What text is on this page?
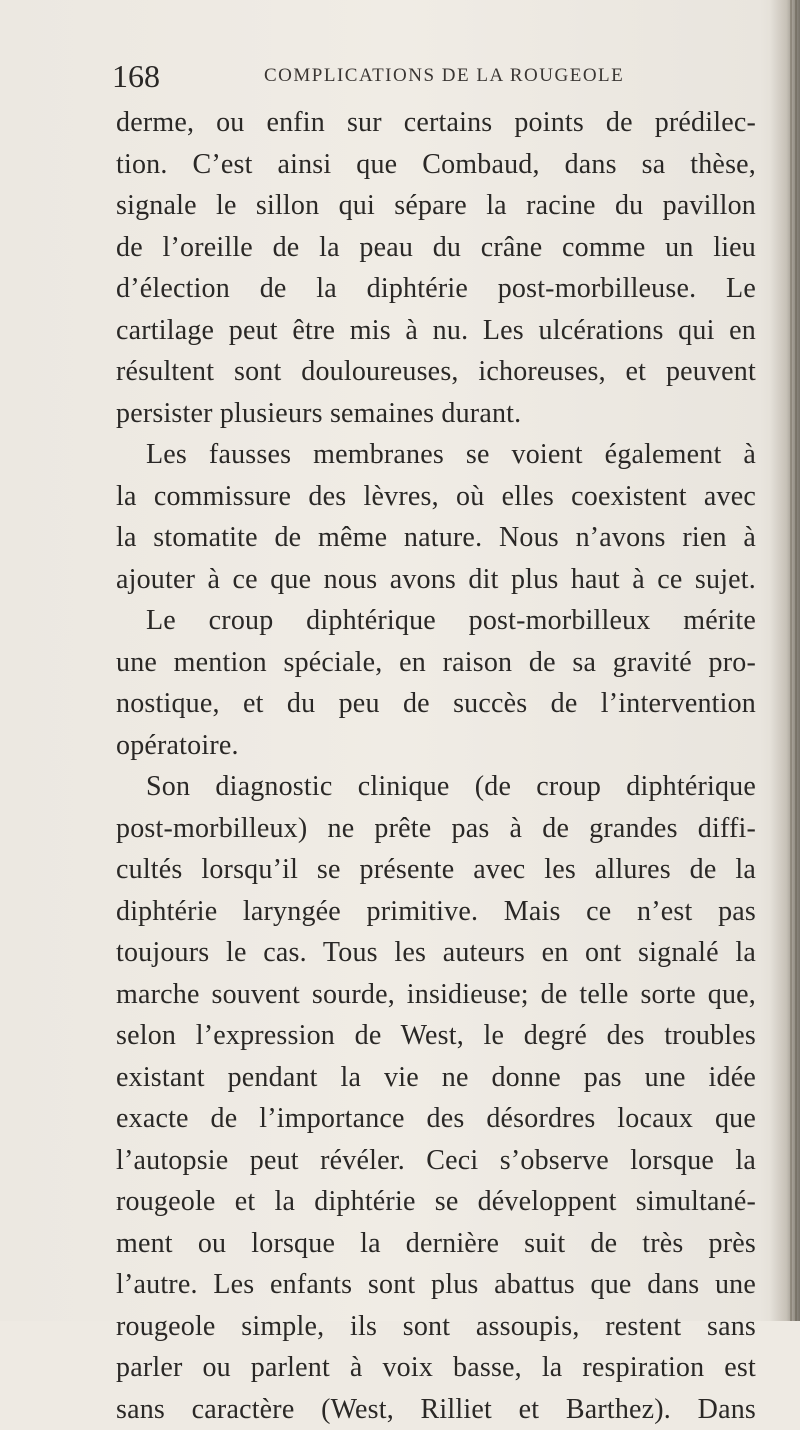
168	COMPLICATIONS DE LA ROUGEOLE
derme, ou enfin sur certains points de prédilec-
tion. C’est ainsi que Combaud, dans sa thèse,
signale le sillon qui sépare la racine du pavillon
de l’oreille de la peau du crâne comme un lieu
d’élection de la diphtérie post-morbilleuse. Le
cartilage peut être mis à nu. Les ulcérations qui en
résultent sont douloureuses, ichoreuses, et peuvent
persister plusieurs semaines durant.
Les fausses membranes se voient également à
la commissure des lèvres, où elles coexistent avec
la stomatite de même nature. Nous n’avons rien à
ajouter à ce que nous avons dit plus haut à ce sujet.
Le croup diphtérique post-morbilleux mérite
une mention spéciale, en raison de sa gravité pro-
nostique, et du peu de succès de l’intervention
opératoire.
Son diagnostic clinique (de croup diphtérique
post-morbilleux) ne prête pas à de grandes diffi-
cultés lorsqu’il se présente avec les allures de la
diphtérie laryngée primitive. Mais ce n’est pas
toujours le cas. Tous les auteurs en ont signalé la
marche souvent sourde, insidieuse; de telle sorte que,
selon l’expression de West, le degré des troubles
existant pendant la vie ne donne pas une idée
exacte de l’importance des désordres locaux que
l’autopsie peut révéler. Ceci s’observe lorsque la
rougeole et la diphtérie se développent simultané-
ment ou lorsque la dernière suit de très près
l’autre. Les enfants sont plus abattus que dans une
rougeole simple, ils sont assoupis, restent sans
parler ou parlent à voix basse, la respiration est
sans caractère (West, Rilliet et Barthez). Dans
